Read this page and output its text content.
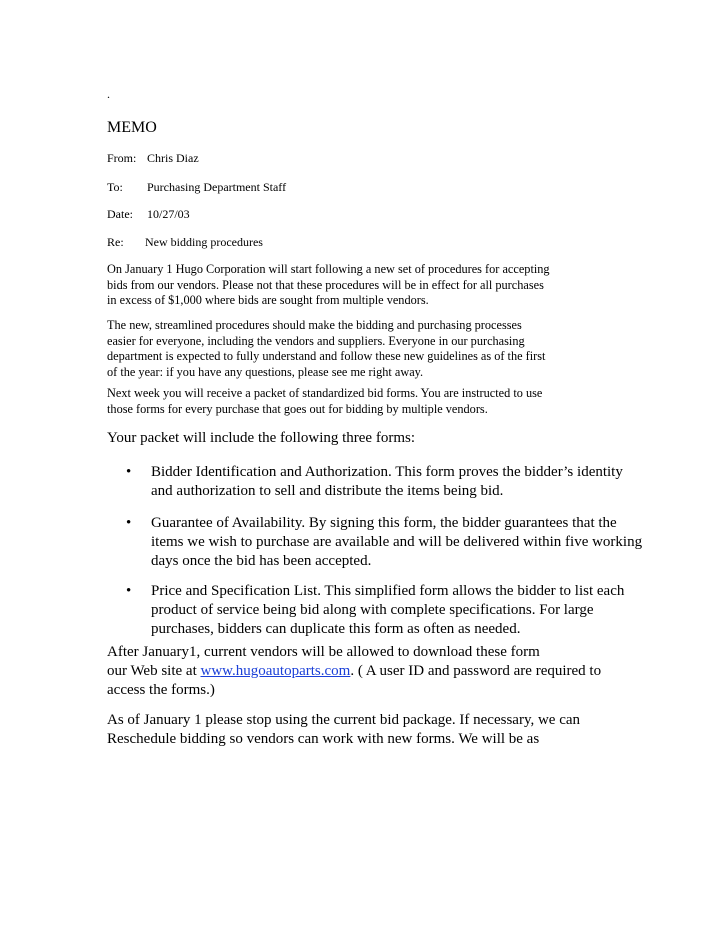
.
MEMO
From: Chris Diaz
To: Purchasing Department Staff
Date: 10/27/03
Re: New bidding procedures
On January 1 Hugo Corporation will start following a new set of procedures for accepting
bids from our vendors. Please not that these procedures will be in effect for all purchases
in excess of $1,000 where bids are sought from multiple vendors.
The new, streamlined procedures should make the bidding and purchasing processes
easier for everyone, including the vendors and suppliers. Everyone in our purchasing
department is expected to fully understand and follow these new guidelines as of the first
of the year: if you have any questions, please see me right away.
Next week you will receive a packet of standardized bid forms. You are instructed to use
those forms for every purchase that goes out for bidding by multiple vendors.
Your packet will include the following three forms:
• Bidder Identification and Authorization. This form proves the bidder’s identity
and authorization to sell and distribute the items being bid.
• Guarantee of Availability. By signing this form, the bidder guarantees that the
items we wish to purchase are available and will be delivered within five working
days once the bid has been accepted.
• Price and Specification List. This simplified form allows the bidder to list each
product of service being bid along with complete specifications. For large
purchases, bidders can duplicate this form as often as needed.
After January1, current vendors will be allowed to download these form
our Web site at www.hugoautoparts.com. ( A user ID and password are required to
access the forms.)
As of January 1 please stop using the current bid package. If necessary, we can
Reschedule bidding so vendors can work with new forms. We will be as
